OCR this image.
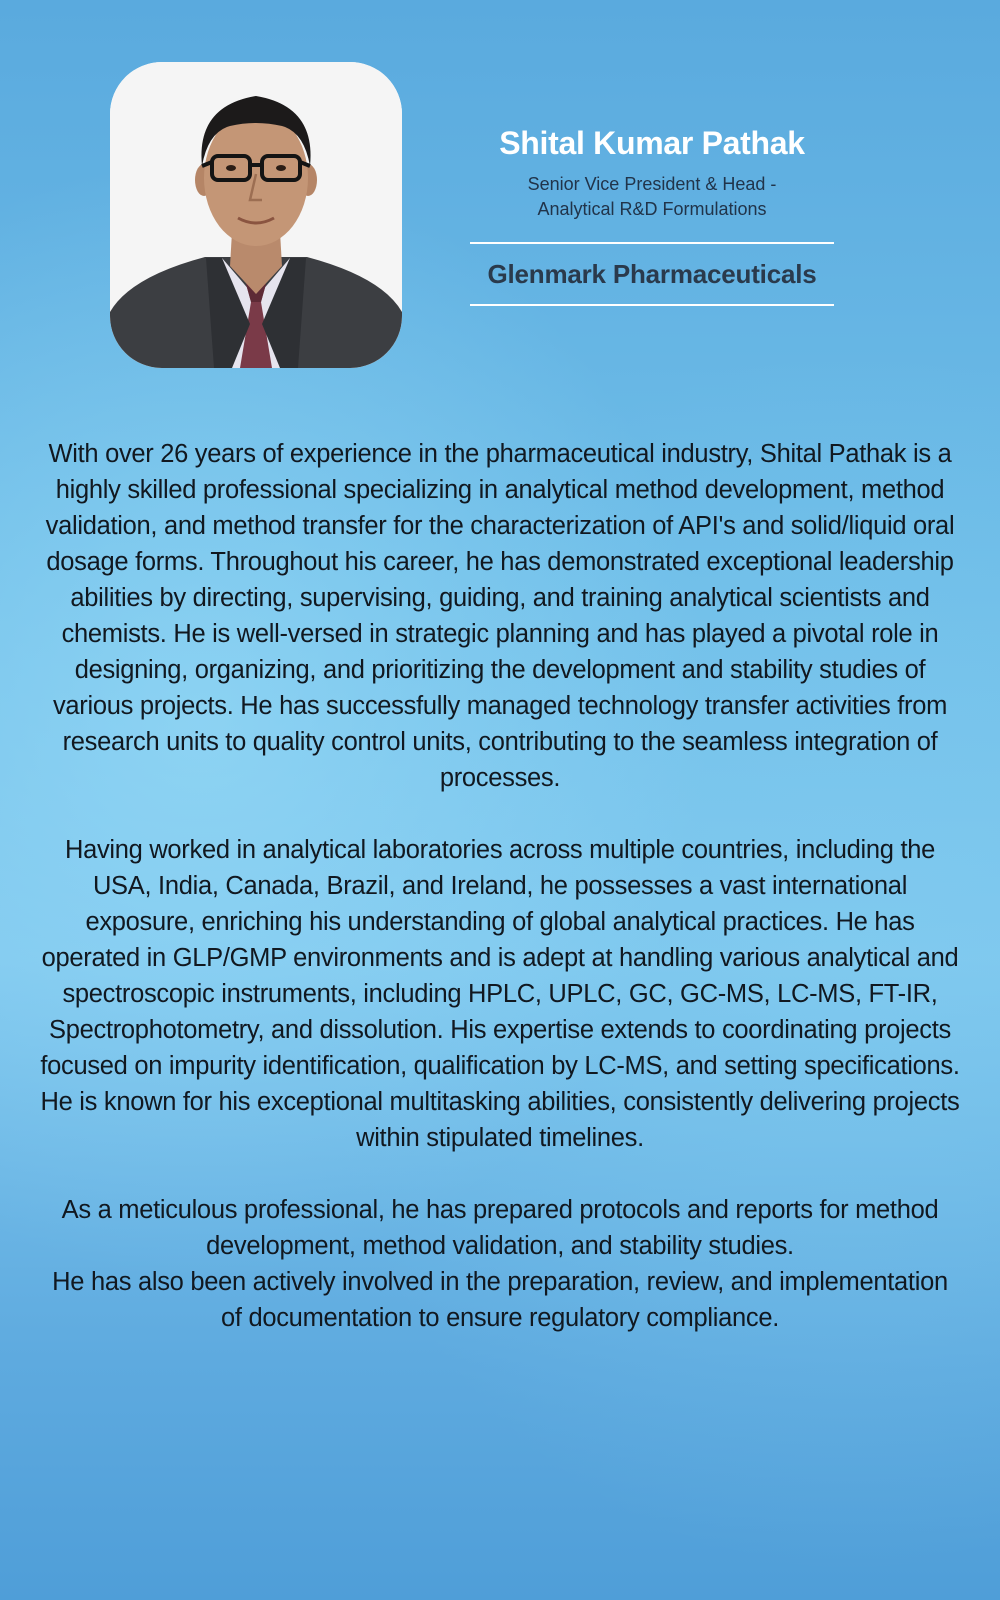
Shital Kumar Pathak
Senior Vice President & Head -
Analytical R&D Formulations
Glenmark Pharmaceuticals

With over 26 years of experience in the pharmaceutical industry, Shital Pathak is a highly skilled professional specializing in analytical method development, method validation, and method transfer for the characterization of API's and solid/liquid oral dosage forms. Throughout his career, he has demonstrated exceptional leadership abilities by directing, supervising, guiding, and training analytical scientists and chemists. He is well-versed in strategic planning and has played a pivotal role in designing, organizing, and prioritizing the development and stability studies of various projects. He has successfully managed technology transfer activities from research units to quality control units, contributing to the seamless integration of processes.

Having worked in analytical laboratories across multiple countries, including the USA, India, Canada, Brazil, and Ireland, he possesses a vast international exposure, enriching his understanding of global analytical practices. He has operated in GLP/GMP environments and is adept at handling various analytical and spectroscopic instruments, including HPLC, UPLC, GC, GC-MS, LC-MS, FT-IR, Spectrophotometry, and dissolution. His expertise extends to coordinating projects focused on impurity identification, qualification by LC-MS, and setting specifications. He is known for his exceptional multitasking abilities, consistently delivering projects within stipulated timelines.

As a meticulous professional, he has prepared protocols and reports for method development, method validation, and stability studies.
He has also been actively involved in the preparation, review, and implementation of documentation to ensure regulatory compliance.
